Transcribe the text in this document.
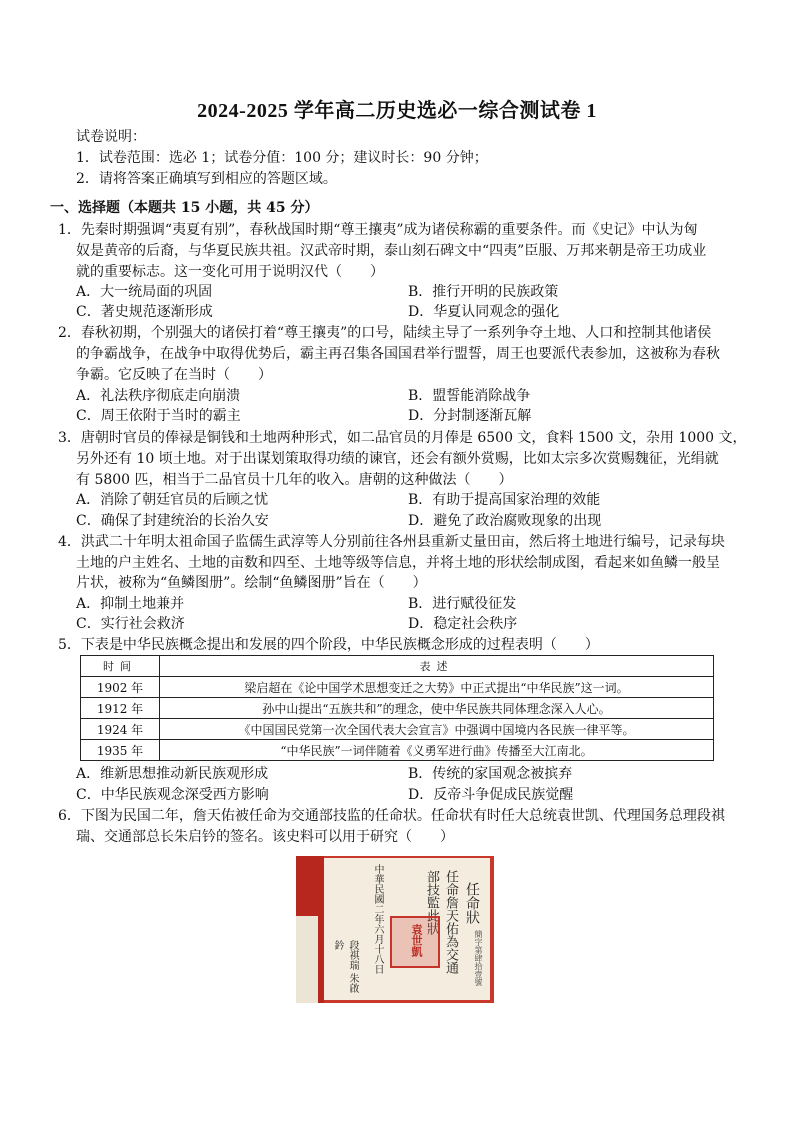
2024-2025 学年高二历史选必一综合测试卷 1
试卷说明：
1．试卷范围：选必 1；试卷分值：100 分；建议时长：90 分钟；
2．请将答案正确填写到相应的答题区域。
一、选择题（本题共 15 小题，共 45 分）
1．先秦时期强调“夷夏有别”，春秋战国时期“尊王攘夷”成为诸侯称霸的重要条件。而《史记》中认为匈
奴是黄帝的后裔，与华夏民族共祖。汉武帝时期，泰山刻石碑文中“四夷”臣服、万邦来朝是帝王功成业
就的重要标志。这一变化可用于说明汉代（　　）
A．大一统局面的巩固	B．推行开明的民族政策
C．著史规范逐渐形成	D．华夏认同观念的强化
2．春秋初期，个别强大的诸侯打着“尊王攘夷”的口号，陆续主导了一系列争夺土地、人口和控制其他诸侯
的争霸战争，在战争中取得优势后，霸主再召集各国国君举行盟誓，周王也要派代表参加，这被称为春秋
争霸。它反映了在当时（　　）
A．礼法秩序彻底走向崩溃	B．盟誓能消除战争
C．周王依附于当时的霸主	D．分封制逐渐瓦解
3．唐朝时官员的俸禄是铜钱和土地两种形式，如二品官员的月俸是 6500 文，食料 1500 文，杂用 1000 文，
另外还有 10 顷土地。对于出谋划策取得功绩的谏官，还会有额外赏赐，比如太宗多次赏赐魏征，光绢就
有 5800 匹，相当于二品官员十几年的收入。唐朝的这种做法（　　）
A．消除了朝廷官员的后顾之忧	B．有助于提高国家治理的效能
C．确保了封建统治的长治久安	D．避免了政治腐败现象的出现
4．洪武二十年明太祖命国子监儒生武淳等人分别前往各州县重新丈量田亩，然后将土地进行编号，记录每块
土地的户主姓名、土地的亩数和四至、土地等级等信息，并将土地的形状绘制成图，看起来如鱼鳞一般呈
片状，被称为“鱼鳞图册”。绘制“鱼鳞图册”旨在（　　）
A．抑制土地兼并	B．进行赋役征发
C．实行社会救济	D．稳定社会秩序
5．下表是中华民族概念提出和发展的四个阶段，中华民族概念形成的过程表明（　　）
时间	表述
1902 年	梁启超在《论中国学术思想变迁之大势》中正式提出“中华民族”这一词。
1912 年	孙中山提出“五族共和”的理念，使中华民族共同体理念深入人心。
1924 年	《中国国民党第一次全国代表大会宣言》中强调中国境内各民族一律平等。
1935 年	“中华民族”一词伴随着《义勇军进行曲》传播至大江南北。
A．维新思想推动新民族观形成	B．传统的家国观念被摈弃
C．中华民族观念深受西方影响	D．反帝斗争促成民族觉醒
6．下图为民国二年，詹天佑被任命为交通部技监的任命状。任命状有时任大总统袁世凯、代理国务总理段祺
瑞、交通部总长朱启钤的签名。该史料可以用于研究（　　）
任命狀
簡字第肆拾壹號
任命詹天佑為交通部技監此狀
中華民國二年六月十八日 袁世凱
段祺瑞 朱啟鈐
